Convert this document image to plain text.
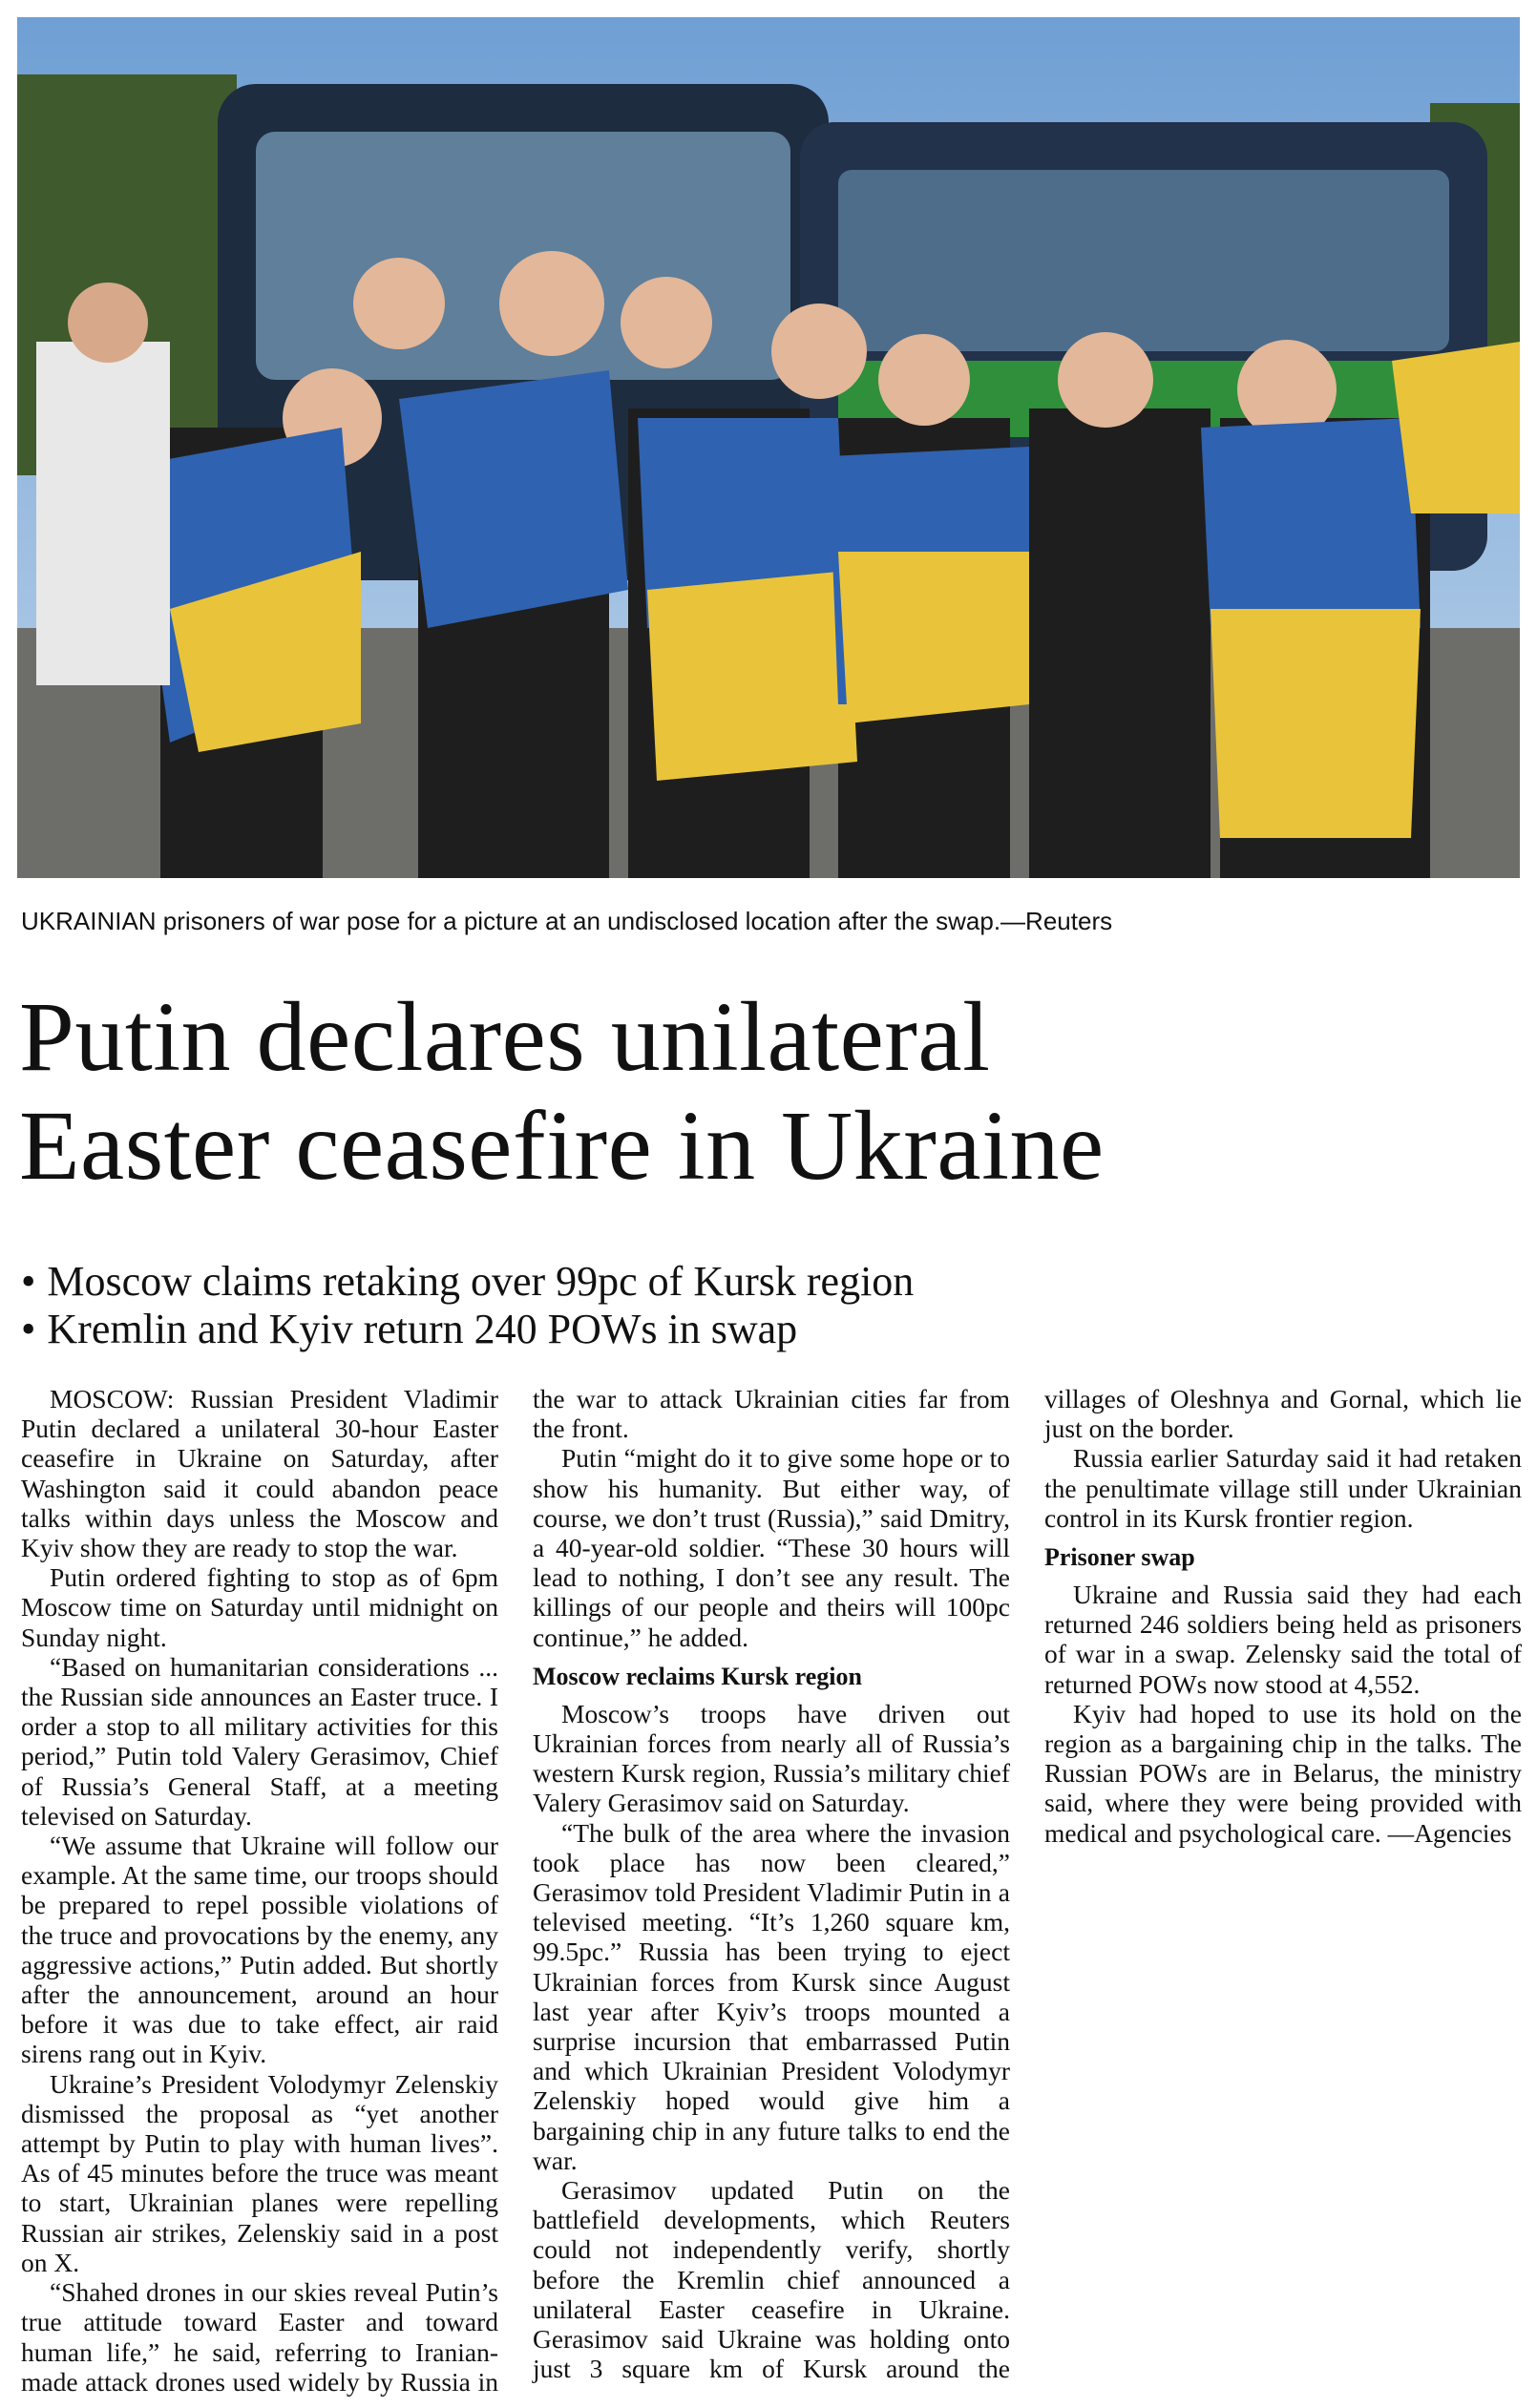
UKRAINIAN prisoners of war pose for a picture at an undisclosed location after the swap.—Reuters
Putin declares unilateral
Easter ceasefire in Ukraine
• Moscow claims retaking over 99pc of Kursk region
• Kremlin and Kyiv return 240 POWs in swap

MOSCOW: Russian President Vladimir Putin declared a unilateral 30-hour Easter ceasefire in Ukraine on Saturday, after Washington said it could abandon peace talks within days unless the Moscow and Kyiv show they are ready to stop the war.

Putin ordered fighting to stop as of 6pm Moscow time on Saturday until midnight on Sunday night.

“Based on humanitarian considerations ... the Russian side announces an Easter truce. I order a stop to all military activities for this period,” Putin told Valery Gerasimov, Chief of Russia’s General Staff, at a meeting televised on Saturday.

“We assume that Ukraine will follow our example. At the same time, our troops should be prepared to repel possible violations of the truce and provocations by the enemy, any aggressive actions,” Putin added. But shortly after the announcement, around an hour before it was due to take effect, air raid sirens rang out in Kyiv.

Ukraine’s President Volodymyr Zelenskiy dismissed the proposal as “yet another attempt by Putin to play with human lives”. As of 45 minutes before the truce was meant to start, Ukrainian planes were repelling Russian air strikes, Zelenskiy said in a post on X.

“Shahed drones in our skies reveal Putin’s true attitude toward Easter and toward human life,” he said, referring to Iranian-made attack drones used widely by Russia in the war to attack Ukrainian cities far from the front.

Putin “might do it to give some hope or to show his humanity. But either way, of course, we don’t trust (Russia),” said Dmitry, a 40-year-old soldier. “These 30 hours will lead to nothing, I don’t see any result. The killings of our people and theirs will 100pc continue,” he added.

Moscow reclaims Kursk region

Moscow’s troops have driven out Ukrainian forces from nearly all of Russia’s western Kursk region, Russia’s military chief Valery Gerasimov said on Saturday.

“The bulk of the area where the invasion took place has now been cleared,” Gerasimov told President Vladimir Putin in a televised meeting. “It’s 1,260 square km, 99.5pc.” Russia has been trying to eject Ukrainian forces from Kursk since August last year after Kyiv’s troops mounted a surprise incursion that embarrassed Putin and which Ukrainian President Volodymyr Zelenskiy hoped would give him a bargaining chip in any future talks to end the war.

Gerasimov updated Putin on the battlefield developments, which Reuters could not independently verify, shortly before the Kremlin chief announced a unilateral Easter ceasefire in Ukraine. Gerasimov said Ukraine was holding onto just 3 square km of Kursk around the villages of Oleshnya and Gornal, which lie just on the border.

Russia earlier Saturday said it had retaken the penultimate village still under Ukrainian control in its Kursk frontier region.

Prisoner swap

Ukraine and Russia said they had each returned 246 soldiers being held as prisoners of war in a swap. Zelensky said the total of returned POWs now stood at 4,552.

Kyiv had hoped to use its hold on the region as a bargaining chip in the talks. The Russian POWs are in Belarus, the ministry said, where they were being provided with medical and psychological care. —Agencies
